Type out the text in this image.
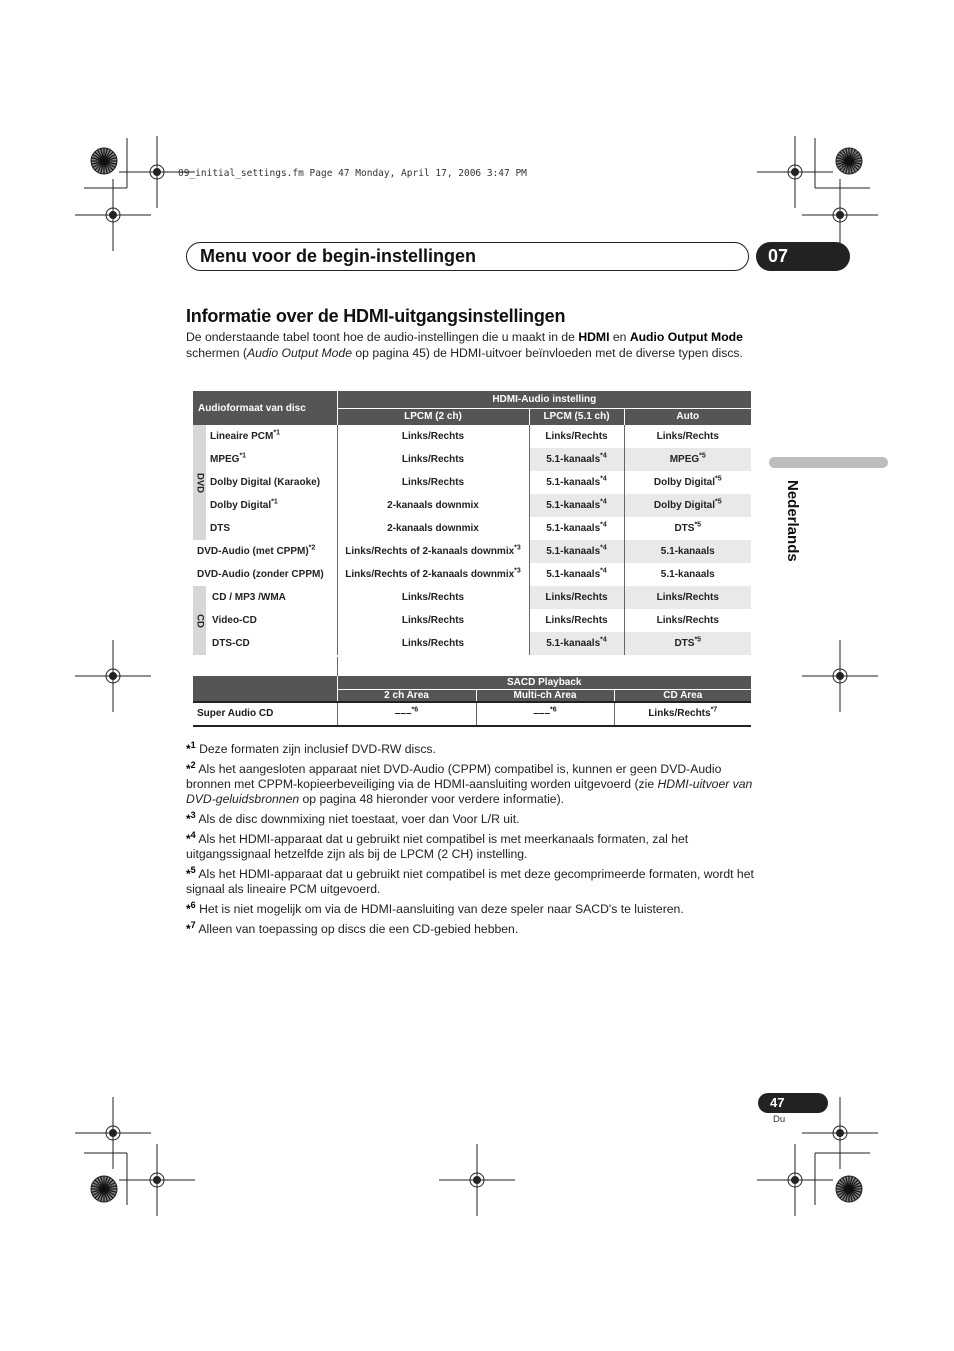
09_initial_settings.fm Page 47 Monday, April 17, 2006 3:47 PM
Menu voor de begin-instellingen	07
Nederlands
Informatie over de HDMI-uitgangsinstellingen
De onderstaande tabel toont hoe de audio-instellingen die u maakt in de HDMI en Audio Output Mode schermen (Audio Output Mode op pagina 45) de HDMI-uitvoer beïnvloeden met de diverse typen discs.
Audioformaat van disc		HDMI-Audio instelling		
		LPCM (2 ch)	LPCM (5.1 ch)	Auto

DVD	Lineaire PCM$^{*1}$	Links/Rechts	Links/Rechts	Links/Rechts
	MPEG$^{*1}$	Links/Rechts	5.1-kanaals$^{*4}$	MPEG$^{*5}$
	Dolby Digital (Karaoke)	Links/Rechts	5.1-kanaals$^{*4}$	Dolby Digital$^{*5}$
	Dolby Digital$^{*1}$	2-kanaals downmix	5.1-kanaals$^{*4}$	Dolby Digital$^{*5}$
	DTS	2-kanaals downmix	5.1-kanaals$^{*4}$	DTS$^{*5}$
DVD-Audio (met CPPM)$^{*2}$		Links/Rechts of 2-kanaals downmix$^{*3}$	5.1-kanaals$^{*4}$	5.1-kanaals
DVD-Audio (zonder CPPM)		Links/Rechts of 2-kanaals downmix$^{*3}$	5.1-kanaals$^{*4}$	5.1-kanaals

CD	CD / MP3 /WMA	Links/Rechts	Links/Rechts	Links/Rechts
	Video-CD	Links/Rechts	Links/Rechts	Links/Rechts
	DTS-CD	Links/Rechts	5.1-kanaals$^{*4}$	DTS$^{*5}$
	SACD Playback		
	2 ch Area	Multi-ch Area	CD Area
Super Audio CD	–––$^{*6}$	–––$^{*6}$	Links/Rechts$^{*7}$
*$^1$ Deze formaten zijn inclusief DVD-RW discs.
*$^2$ Als het aangesloten apparaat niet DVD-Audio (CPPM) compatibel is, kunnen er geen DVD-Audio bronnen met CPPM-kopieerbeveiliging via de HDMI-aansluiting worden uitgevoerd (zie HDMI-uitvoer van DVD-geluidsbronnen op pagina 48 hieronder voor verdere informatie).
*$^3$ Als de disc downmixing niet toestaat, voer dan Voor L/R uit.
*$^4$ Als het HDMI-apparaat dat u gebruikt niet compatibel is met meerkanaals formaten, zal het uitgangssignaal hetzelfde zijn als bij de LPCM (2 CH) instelling.
*$^5$ Als het HDMI-apparaat dat u gebruikt niet compatibel is met deze gecomprimeerde formaten, wordt het signaal als lineaire PCM uitgevoerd.
*$^6$ Het is niet mogelijk om via de HDMI-aansluiting van deze speler naar SACD's te luisteren.
*$^7$ Alleen van toepassing op discs die een CD-gebied hebben.
47
Du
